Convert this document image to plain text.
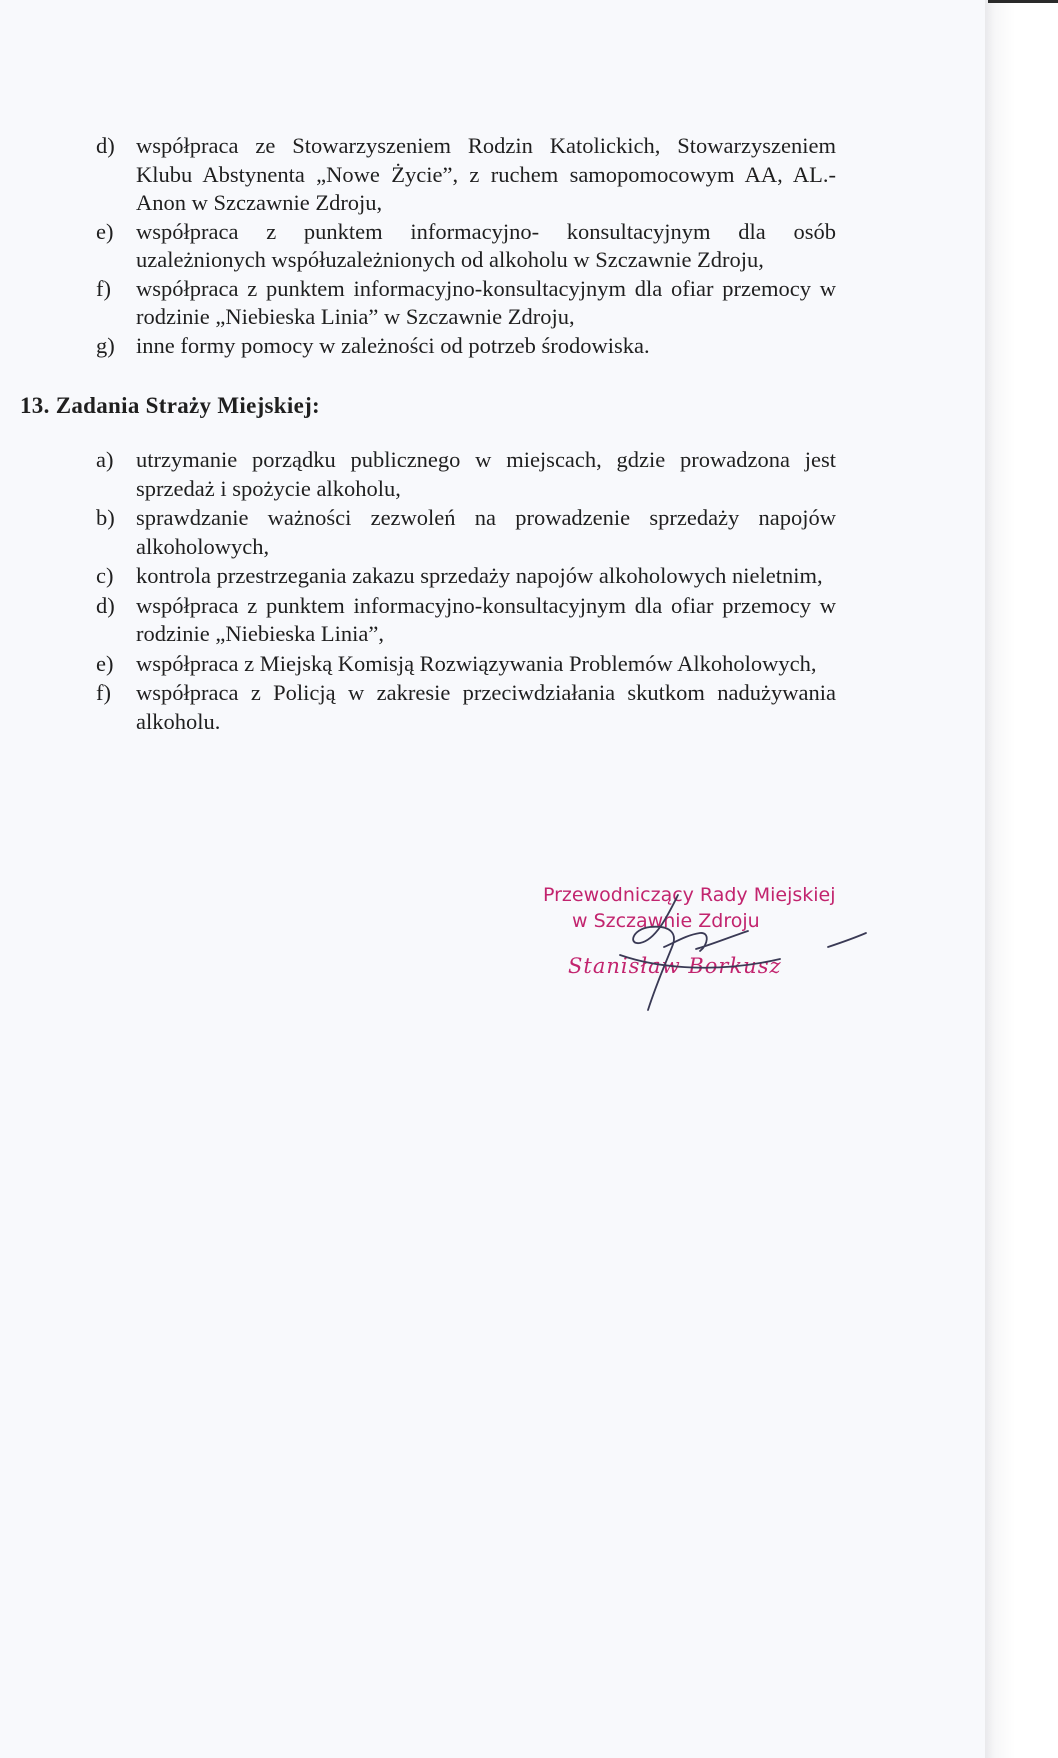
d) współpraca ze Stowarzyszeniem Rodzin Katolickich, Stowarzyszeniem Klubu Abstynenta „Nowe Życie”, z ruchem samopomocowym AA, AL.- Anon w Szczawnie Zdroju,
e) współpraca z punktem informacyjno- konsultacyjnym dla osób uzależnionych współuzależnionych od alkoholu w Szczawnie Zdroju,
f) współpraca z punktem informacyjno-konsultacyjnym dla ofiar przemocy w rodzinie „Niebieska Linia” w Szczawnie Zdroju,
g) inne formy pomocy w zależności od potrzeb środowiska.
13. Zadania Straży Miejskiej:
a) utrzymanie porządku publicznego w miejscach, gdzie prowadzona jest sprzedaż i spożycie alkoholu,
b) sprawdzanie ważności zezwoleń na prowadzenie sprzedaży napojów alkoholowych,
c) kontrola przestrzegania zakazu sprzedaży napojów alkoholowych nieletnim,
d) współpraca z punktem informacyjno-konsultacyjnym dla ofiar przemocy w rodzinie „Niebieska Linia”,
e) współpraca z Miejską Komisją Rozwiązywania Problemów Alkoholowych,
f) współpraca z Policją w zakresie przeciwdziałania skutkom nadużywania alkoholu.
Przewodniczący Rady Miejskiej
w Szczawnie Zdroju
Stanisław Borkusz
